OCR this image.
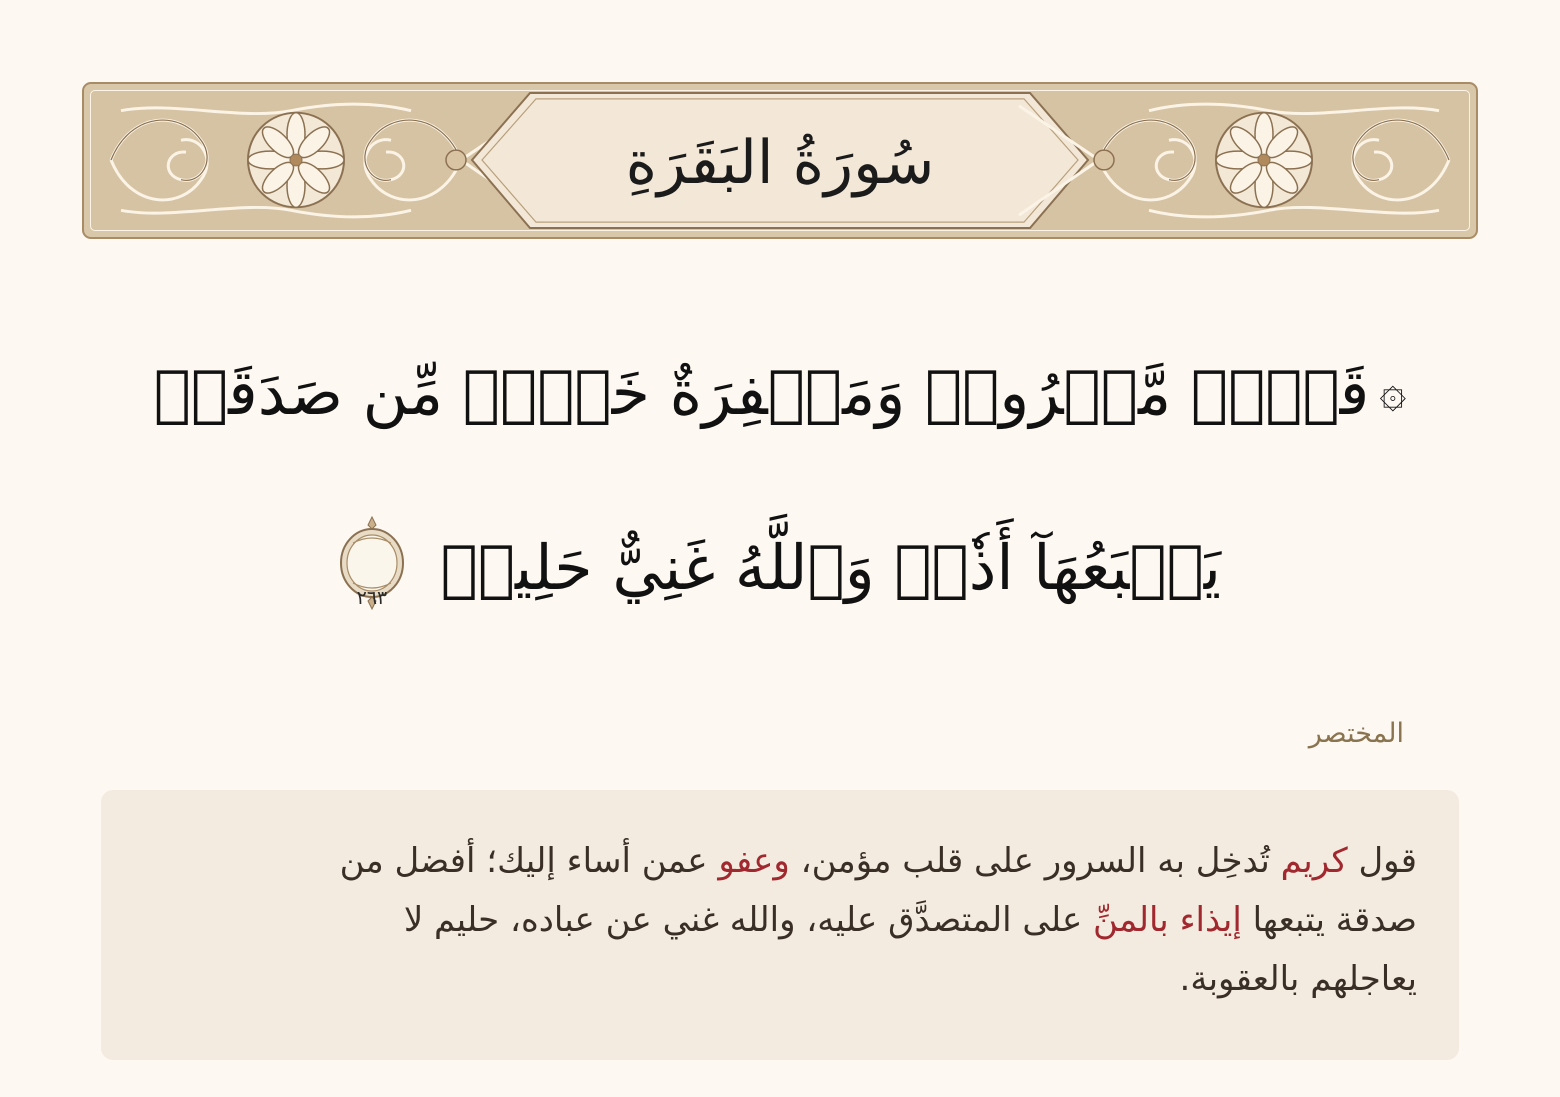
سُورَةُ البَقَرَةِ
۞قَوۡلٞ مَّعۡرُوفٞ وَمَغۡفِرَةٌ خَيۡرٞ مِّن صَدَقَةٖ
يَتۡبَعُهَآ أَذٗىۗ وَٱللَّهُ غَنِيٌّ حَلِيمٞ
٢٦٣
المختصر

قول كريم تُدخِل به السرور على قلب مؤمن، وعفو عمن أساء إليك؛ أفضل من صدقة يتبعها إيذاء بالمنِّ على المتصدَّق عليه، والله غني عن عباده، حليم لا يعاجلهم بالعقوبة.
